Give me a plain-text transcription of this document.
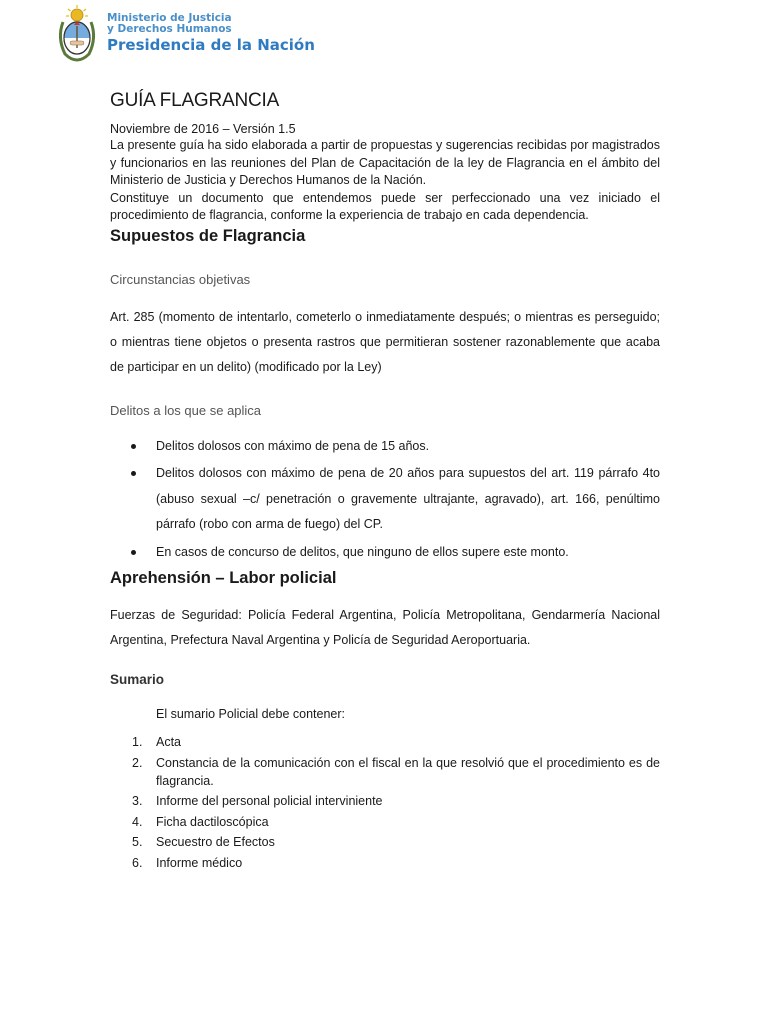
Ministerio de Justicia
y Derechos Humanos
Presidencia de la Nación
GUÍA FLAGRANCIA
Noviembre de 2016 – Versión 1.5

La presente guía ha sido elaborada a partir de propuestas y sugerencias recibidas por magistrados y funcionarios en las reuniones del Plan de Capacitación de la ley de Flagrancia en el ámbito del Ministerio de Justicia y Derechos Humanos de la Nación.

Constituye un documento que entendemos puede ser perfeccionado una vez iniciado el procedimiento de flagrancia, conforme la experiencia de trabajo en cada dependencia.

Supuestos de Flagrancia
Circunstancias objetivas

Art. 285 (momento de intentarlo, cometerlo o inmediatamente después; o mientras es perseguido; o mientras tiene objetos o presenta rastros que permitieran sostener razonablemente que acaba de participar en un delito) (modificado por la Ley)

Delitos a los que se aplica
Delitos dolosos con máximo de pena de 15 años.
Delitos dolosos con máximo de pena de 20 años para supuestos del art. 119 párrafo 4to (abuso sexual –c/ penetración o gravemente ultrajante, agravado), art. 166, penúltimo párrafo (robo con arma de fuego) del CP.
En casos de concurso de delitos, que ninguno de ellos supere este monto.
Aprehensión – Labor policial

Fuerzas de Seguridad: Policía Federal Argentina, Policía Metropolitana, Gendarmería Nacional Argentina, Prefectura Naval Argentina y Policía de Seguridad Aeroportuaria.

Sumario
El sumario Policial debe contener:
1. Acta
2. Constancia de la comunicación con el fiscal en la que resolvió que el procedimiento es de flagrancia.
3. Informe del personal policial interviniente
4. Ficha dactiloscópica
5. Secuestro de Efectos
6. Informe médico
